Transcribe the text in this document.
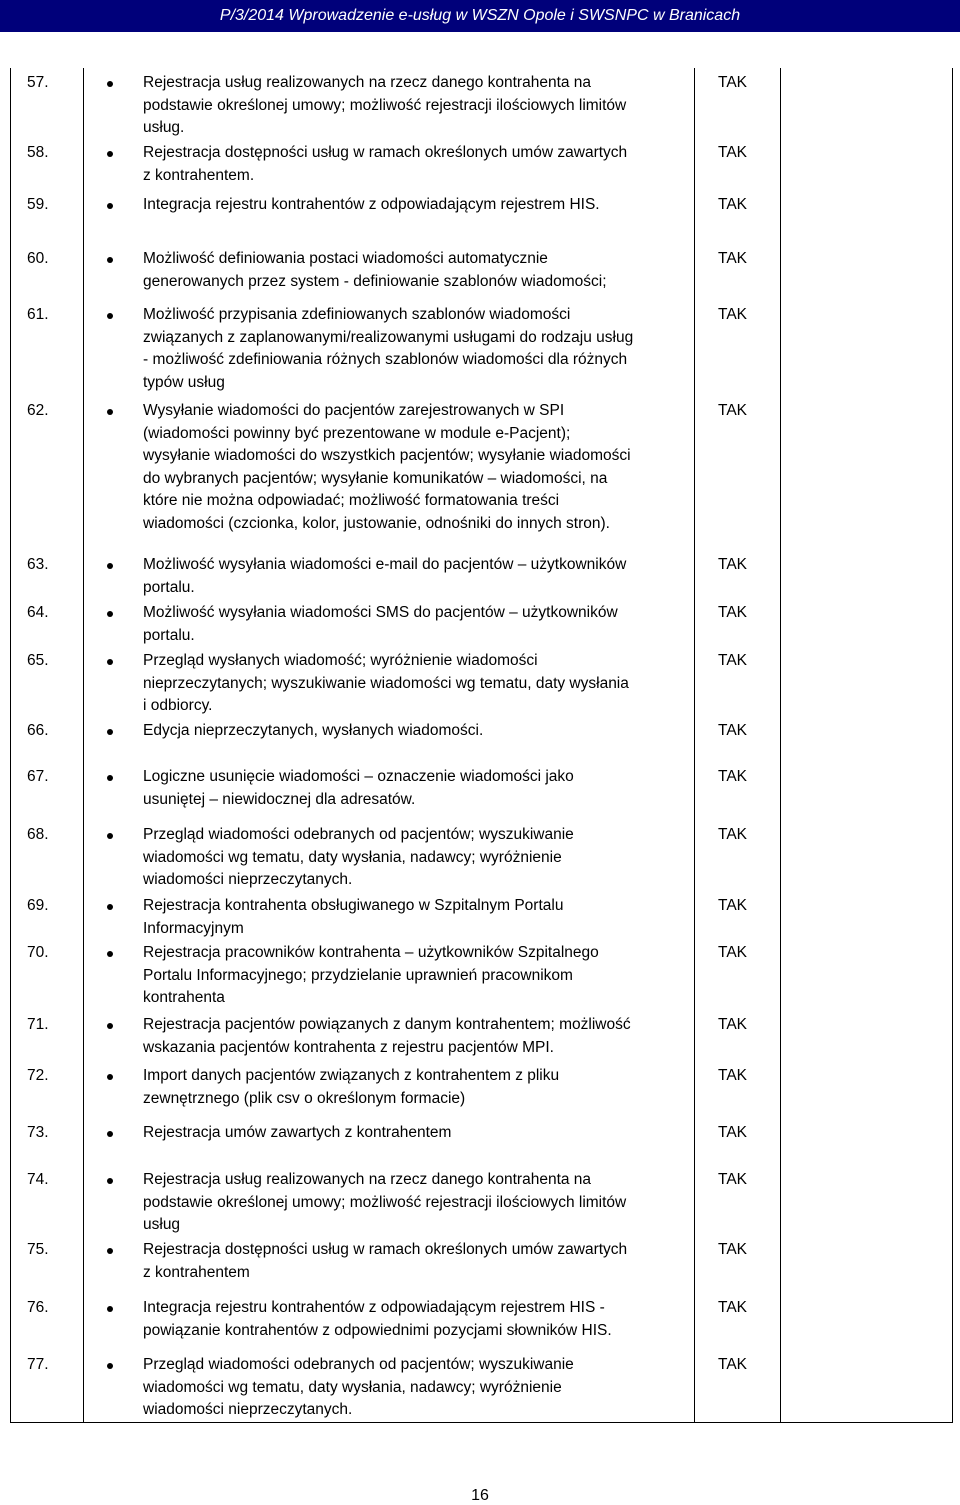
P/3/2014 Wprowadzenie e-usług w WSZN Opole i SWSNPC w Branicach
57.	Rejestracja usług realizowanych na rzecz danego kontrahenta na
podstawie określonej umowy; możliwość rejestracji ilościowych limitów
usług.
TAK
58.	Rejestracja dostępności usług w ramach określonych umów zawartych
z kontrahentem.
TAK
59.	Integracja rejestru kontrahentów z odpowiadającym rejestrem HIS.	TAK
60.	Możliwość definiowania postaci wiadomości automatycznie
generowanych przez system - definiowanie szablonów wiadomości;
TAK
61.	Możliwość przypisania zdefiniowanych szablonów wiadomości
związanych z zaplanowanymi/realizowanymi usługami do rodzaju usług
- możliwość zdefiniowania różnych szablonów wiadomości dla różnych
typów usług
TAK
62.	Wysyłanie wiadomości do pacjentów zarejestrowanych w SPI
(wiadomości powinny być prezentowane w module e-Pacjent);
wysyłanie wiadomości do wszystkich pacjentów; wysyłanie wiadomości
do wybranych pacjentów; wysyłanie komunikatów – wiadomości, na
które nie można odpowiadać; możliwość formatowania treści
wiadomości (czcionka, kolor, justowanie, odnośniki do innych stron).
TAK
63.	Możliwość wysyłania wiadomości e-mail do pacjentów – użytkowników
portalu.
TAK
64.	Możliwość wysyłania wiadomości SMS do pacjentów – użytkowników
portalu.
TAK
65.	Przegląd wysłanych wiadomość; wyróżnienie wiadomości
nieprzeczytanych; wyszukiwanie wiadomości wg tematu, daty wysłania
i odbiorcy.
TAK
66.	Edycja nieprzeczytanych, wysłanych wiadomości.	TAK
67.	Logiczne usunięcie wiadomości – oznaczenie wiadomości jako
usuniętej – niewidocznej dla adresatów.
TAK
68.	Przegląd wiadomości odebranych od pacjentów; wyszukiwanie
wiadomości wg tematu, daty wysłania, nadawcy; wyróżnienie
wiadomości nieprzeczytanych.
TAK
69.	Rejestracja kontrahenta obsługiwanego w Szpitalnym Portalu
Informacyjnym
TAK
70.	Rejestracja pracowników kontrahenta – użytkowników Szpitalnego
Portalu Informacyjnego; przydzielanie uprawnień pracownikom
kontrahenta
TAK
71.	Rejestracja pacjentów powiązanych z danym kontrahentem; możliwość
wskazania pacjentów kontrahenta z rejestru pacjentów MPI.
TAK
72.	Import danych pacjentów związanych z kontrahentem z pliku
zewnętrznego (plik csv o określonym formacie)
TAK
73.	Rejestracja umów zawartych z kontrahentem	TAK
74.	Rejestracja usług realizowanych na rzecz danego kontrahenta na
podstawie określonej umowy; możliwość rejestracji ilościowych limitów
usług
TAK
75.	Rejestracja dostępności usług w ramach określonych umów zawartych
z kontrahentem
TAK
76.	Integracja rejestru kontrahentów z odpowiadającym rejestrem HIS -
powiązanie kontrahentów z odpowiednimi pozycjami słowników HIS.
TAK
77.	Przegląd wiadomości odebranych od pacjentów; wyszukiwanie
wiadomości wg tematu, daty wysłania, nadawcy; wyróżnienie
wiadomości nieprzeczytanych.
TAK
16
